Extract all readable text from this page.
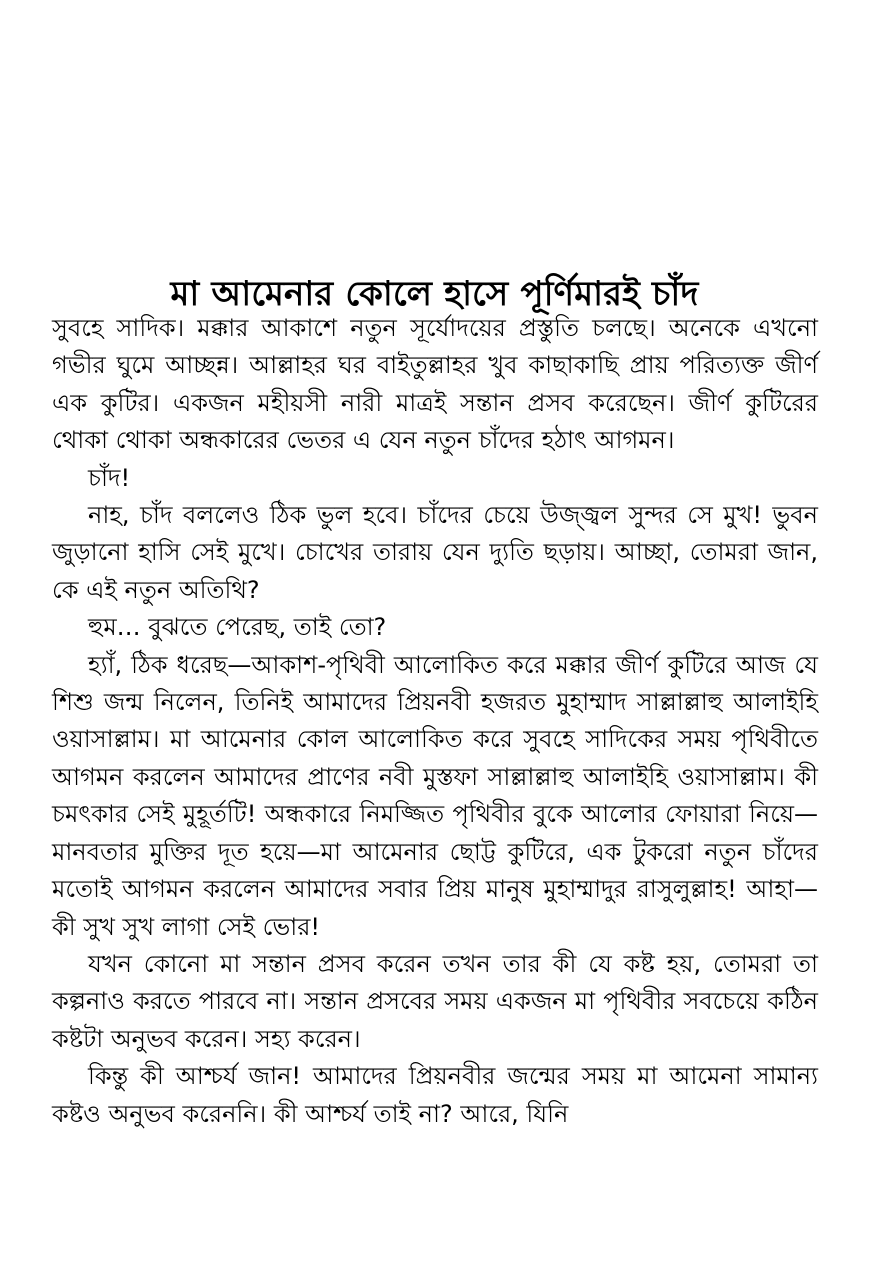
মা আমেনার কোলে হাসে পূর্ণিমারই চাঁদ

সুবহে সাদিক। মক্কার আকাশে নতুন সূর্যোদয়ের প্রস্তুতি চলছে। অনেকে এখনো গভীর ঘুমে আচ্ছন্ন। আল্লাহর ঘর বাইতুল্লাহর খুব কাছাকাছি প্রায় পরিত্যক্ত জীর্ণ এক কুটির। একজন মহীয়সী নারী মাত্রই সন্তান প্রসব করেছেন। জীর্ণ কুটিরের থোকা থোকা অন্ধকারের ভেতর এ যেন নতুন চাঁদের হঠাৎ আগমন।

চাঁদ!

নাহ, চাঁদ বললেও ঠিক ভুল হবে। চাঁদের চেয়ে উজ্জ্বল সুন্দর সে মুখ! ভুবন জুড়ানো হাসি সেই মুখে। চোখের তারায় যেন দ্যুতি ছড়ায়। আচ্ছা, তোমরা জান, কে এই নতুন অতিথি?

হুম… বুঝতে পেরেছ, তাই তো?

হ্যাঁ, ঠিক ধরেছ—আকাশ-পৃথিবী আলোকিত করে মক্কার জীর্ণ কুটিরে আজ যে শিশু জন্ম নিলেন, তিনিই আমাদের প্রিয়নবী হজরত মুহাম্মাদ সাল্লাল্লাহু আলাইহি ওয়াসাল্লাম। মা আমেনার কোল আলোকিত করে সুবহে সাদিকের সময় পৃথিবীতে আগমন করলেন আমাদের প্রাণের নবী মুস্তফা সাল্লাল্লাহু আলাইহি ওয়াসাল্লাম। কী চমৎকার সেই মুহূর্তটি! অন্ধকারে নিমজ্জিত পৃথিবীর বুকে আলোর ফোয়ারা নিয়ে—মানবতার মুক্তির দূত হয়ে—মা আমেনার ছোট্ট কুটিরে, এক টুকরো নতুন চাঁদের মতোই আগমন করলেন আমাদের সবার প্রিয় মানুষ মুহাম্মাদুর রাসুলুল্লাহ! আহা—কী সুখ সুখ লাগা সেই ভোর!

যখন কোনো মা সন্তান প্রসব করেন তখন তার কী যে কষ্ট হয়, তোমরা তা কল্পনাও করতে পারবে না। সন্তান প্রসবের সময় একজন মা পৃথিবীর সবচেয়ে কঠিন কষ্টটা অনুভব করেন। সহ্য করেন।

কিন্তু কী আশ্চর্য জান! আমাদের প্রিয়নবীর জন্মের সময় মা আমেনা সামান্য কষ্টও অনুভব করেননি। কী আশ্চর্য তাই না? আরে, যিনি
